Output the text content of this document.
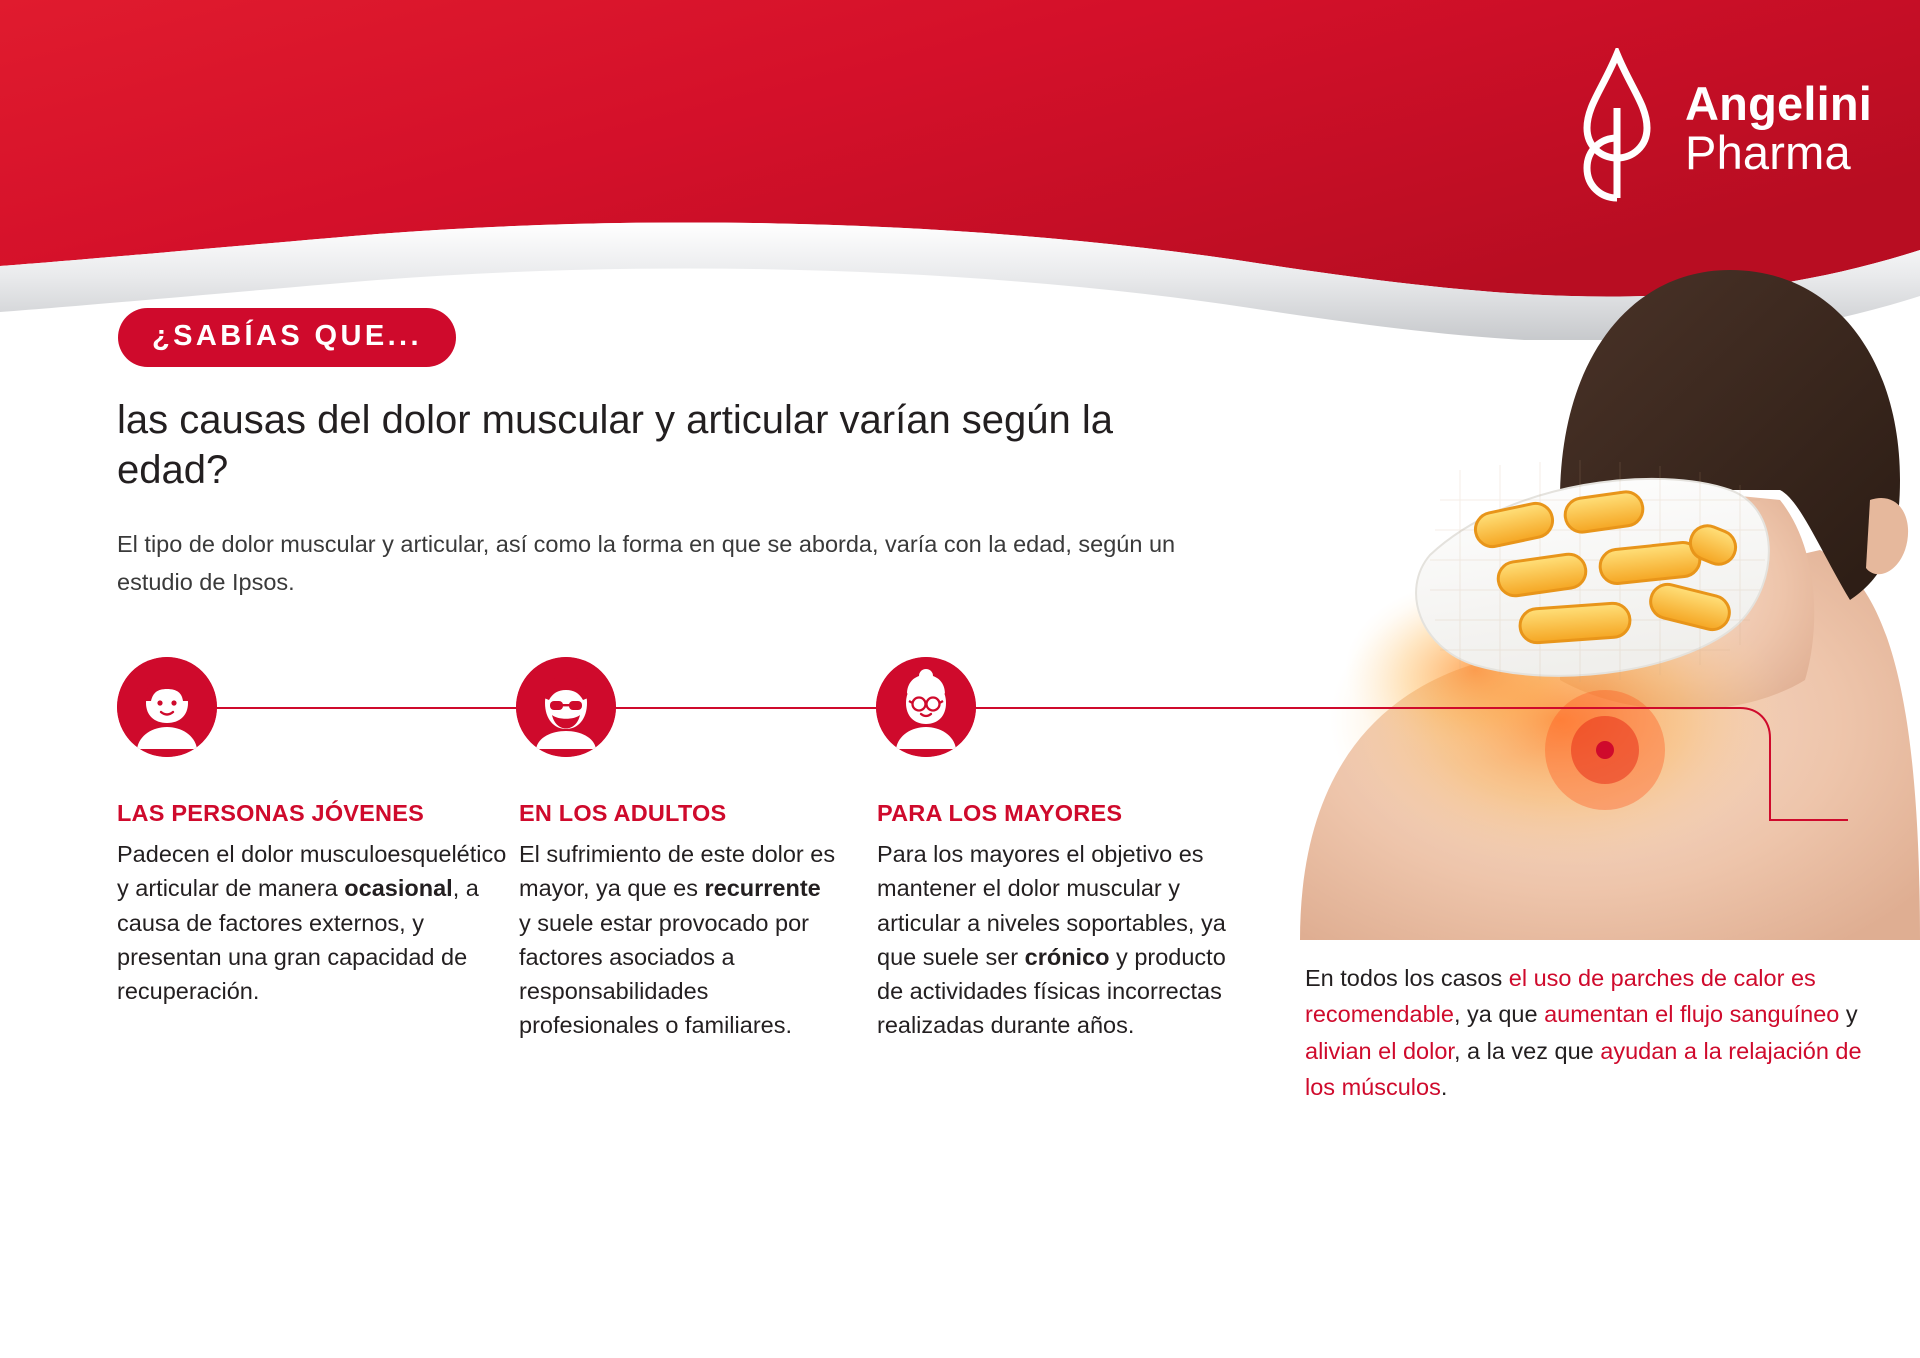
Angelini
Pharma
¿SABÍAS QUE...
las causas del dolor muscular y articular varían según la edad?
El tipo de dolor muscular y articular, así como la forma en que se aborda, varía con la edad, según un estudio de Ipsos.
LAS PERSONAS JÓVENES

Padecen el dolor musculoesquelético y articular de manera ocasional, a causa de factores externos, y presentan una gran capacidad de recuperación.

EN LOS ADULTOS

El sufrimiento de este dolor es mayor, ya que es recurrente y suele estar provocado por factores asociados a responsabilidades profesionales o familiares.

PARA LOS MAYORES

Para los mayores el objetivo es mantener el dolor muscular y articular a niveles soportables, ya que suele ser crónico y producto de actividades físicas incorrectas realizadas durante años.

En todos los casos el uso de parches de calor es recomendable, ya que aumentan el flujo sanguíneo y alivian el dolor, a la vez que ayudan a la relajación de los músculos.
